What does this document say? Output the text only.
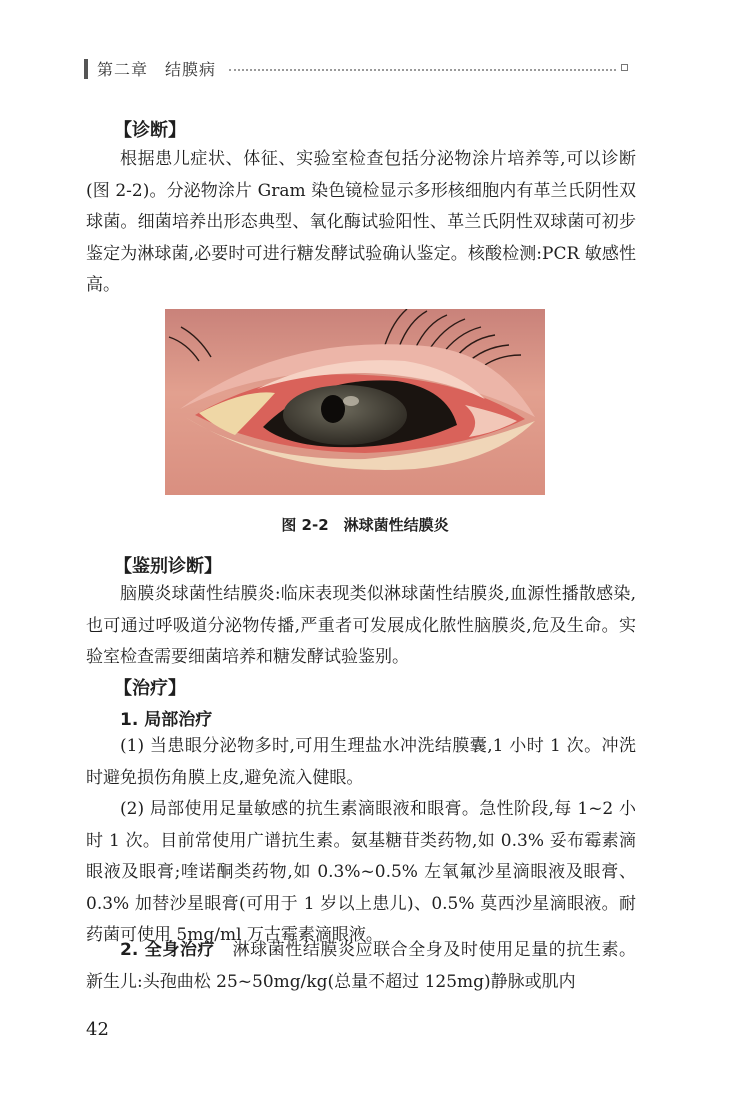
第二章　结膜病
【诊断】
根据患儿症状、体征、实验室检查包括分泌物涂片培养等,可以诊断(图 2-2)。分泌物涂片 Gram 染色镜检显示多形核细胞内有革兰氏阴性双球菌。细菌培养出形态典型、氧化酶试验阳性、革兰氏阴性双球菌可初步鉴定为淋球菌,必要时可进行糖发酵试验确认鉴定。核酸检测:PCR 敏感性高。
图 2-2　淋球菌性结膜炎
【鉴别诊断】
脑膜炎球菌性结膜炎:临床表现类似淋球菌性结膜炎,血源性播散感染,也可通过呼吸道分泌物传播,严重者可发展成化脓性脑膜炎,危及生命。实验室检查需要细菌培养和糖发酵试验鉴别。
【治疗】
1. 局部治疗
(1) 当患眼分泌物多时,可用生理盐水冲洗结膜囊,1 小时 1 次。冲洗时避免损伤角膜上皮,避免流入健眼。
(2) 局部使用足量敏感的抗生素滴眼液和眼膏。急性阶段,每 1~2 小时 1 次。目前常使用广谱抗生素。氨基糖苷类药物,如 0.3% 妥布霉素滴眼液及眼膏;喹诺酮类药物,如 0.3%~0.5% 左氧氟沙星滴眼液及眼膏、0.3% 加替沙星眼膏(可用于 1 岁以上患儿)、0.5% 莫西沙星滴眼液。耐药菌可使用 5mg/ml 万古霉素滴眼液。
2. 全身治疗　 淋球菌性结膜炎应联合全身及时使用足量的抗生素。新生儿:头孢曲松 25~50mg/kg(总量不超过 125mg)静脉或肌内
42
